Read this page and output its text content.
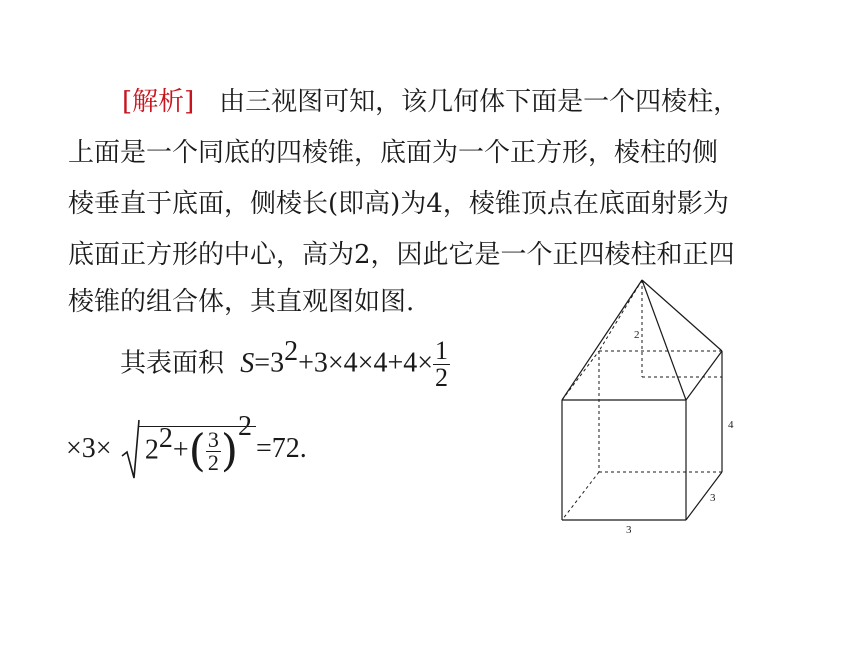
[解析] 由三视图可知，该几何体下面是一个四棱柱，
上面是一个同底的四棱锥，底面为一个正方形，棱柱的侧
棱垂直于底面，侧棱长(即高)为4，棱锥顶点在底面射影为
底面正方形的中心，高为2，因此它是一个正四棱柱和正四
棱锥的组合体，其直观图如图.
其表面积 $S=3^2+3\times 4\times 4+4\times \frac{1}{2}$
$\times 3\times 2^2+( \frac{3}{2} )^2=72$.
2
4
3
3
